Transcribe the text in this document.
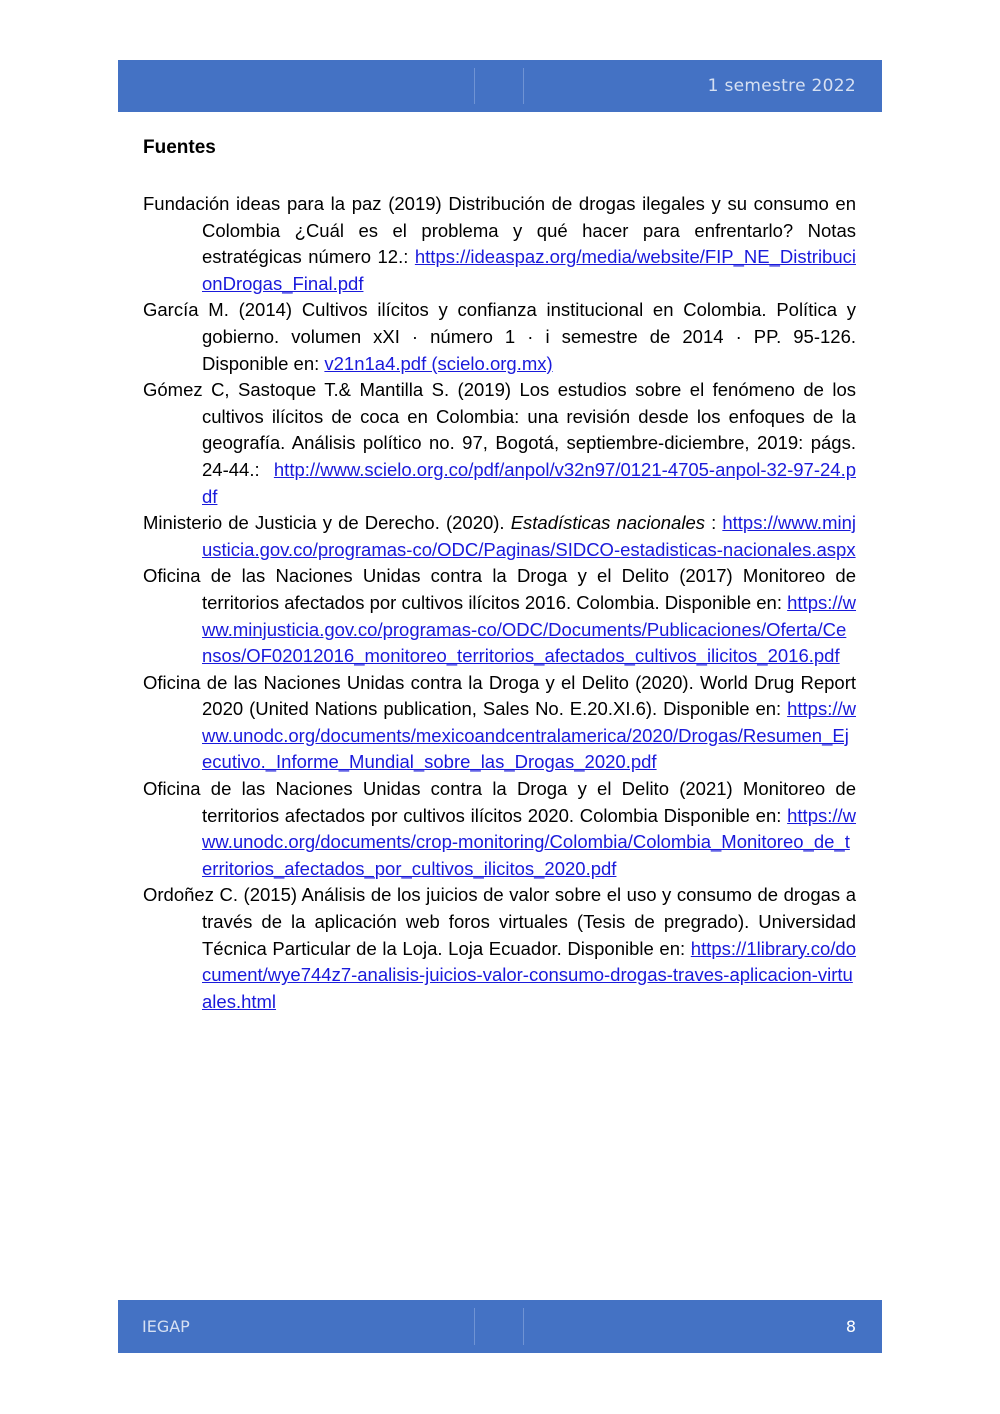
1 semestre 2022
Fuentes

Fundación ideas para la paz (2019) Distribución de drogas ilegales y su consumo en Colombia ¿Cuál es el problema y qué hacer para enfrentarlo? Notas estratégicas número 12.: https://ideaspaz.org/media/website/FIP_NE_DistribucionDrogas_Final.pdf

García M. (2014) Cultivos ilícitos y confianza institucional en Colombia. Política y gobierno. volumen xXI · número 1 · i semestre de 2014 · PP. 95-126. Disponible en: v21n1a4.pdf (scielo.org.mx)

Gómez C, Sastoque T.& Mantilla S. (2019) Los estudios sobre el fenómeno de los cultivos ilícitos de coca en Colombia: una revisión desde los enfoques de la geografía. Análisis político no. 97, Bogotá, septiembre-diciembre, 2019: págs. 24-44.: http://www.scielo.org.co/pdf/anpol/v32n97/0121-4705-anpol-32-97-24.pdf

Ministerio de Justicia y de Derecho. (2020). Estadísticas nacionales : https://www.minjusticia.gov.co/programas-co/ODC/Paginas/SIDCO-estadisticas-nacionales.aspx

Oficina de las Naciones Unidas contra la Droga y el Delito (2017) Monitoreo de territorios afectados por cultivos ilícitos 2016. Colombia. Disponible en: https://www.minjusticia.gov.co/programas-co/ODC/Documents/Publicaciones/Oferta/Censos/OF02012016_monitoreo_territorios_afectados_cultivos_ilicitos_2016.pdf

Oficina de las Naciones Unidas contra la Droga y el Delito (2020). World Drug Report 2020 (United Nations publication, Sales No. E.20.XI.6). Disponible en: https://www.unodc.org/documents/mexicoandcentralamerica/2020/Drogas/Resumen_Ejecutivo._Informe_Mundial_sobre_las_Drogas_2020.pdf

Oficina de las Naciones Unidas contra la Droga y el Delito (2021) Monitoreo de territorios afectados por cultivos ilícitos 2020. Colombia Disponible en: https://www.unodc.org/documents/crop-monitoring/Colombia/Colombia_Monitoreo_de_territorios_afectados_por_cultivos_ilicitos_2020.pdf

Ordoñez C. (2015) Análisis de los juicios de valor sobre el uso y consumo de drogas a través de la aplicación web foros virtuales (Tesis de pregrado). Universidad Técnica Particular de la Loja. Loja Ecuador. Disponible en: https://1library.co/document/wye744z7-analisis-juicios-valor-consumo-drogas-traves-aplicacion-virtuales.html

IEGAP	8
